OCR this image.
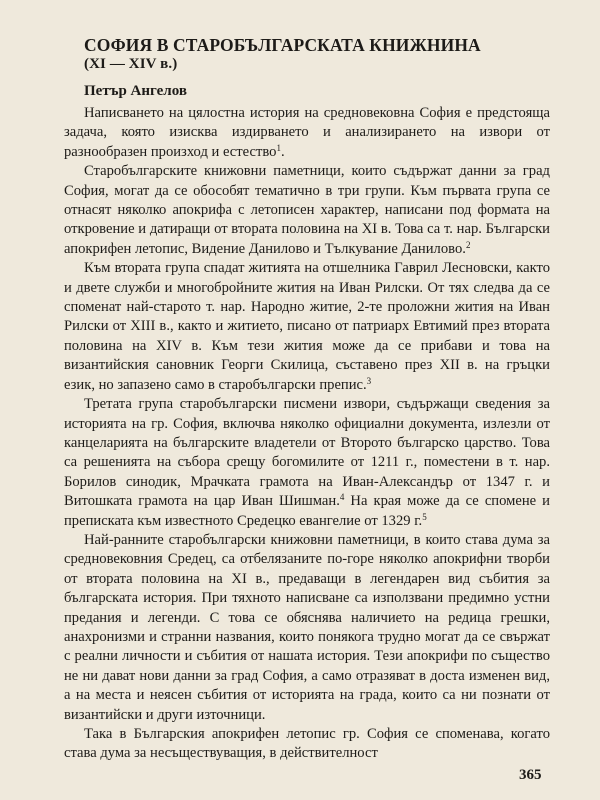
СОФИЯ В СТАРОБЪЛГАРСКАТА КНИЖНИНА
(XI — XIV в.)
Петър Ангелов

Написването на цялостна история на средновековна София е предстояща задача, която изисква издирването и анализирането на извори от разнообразен произход и естество$^1$.

Старобългарските книжовни паметници, които съдържат данни за град София, могат да се обособят тематично в три групи. Към първата група се отнасят няколко апокрифа с летописен характер, написани под формата на откровение и датиращи от втората половина на XI в. Това са т. нар. Български апокрифен летопис, Видение Данилово и Тълкувание Даниловo.$^2$

Към втората група спадат житията на отшелника Гаврил Лесновски, както и двете служби и многобройните жития на Иван Рилски. От тях следва да се споменат най-старото т. нар. Народно житие, 2-те проложни жития на Иван Рилски от XIII в., както и житието, писано от патриарх Евтимий през втората половина на XIV в. Към тези жития може да се прибави и това на византийския сановник Георги Скилица, съставено през XII в. на гръцки език, но запазено само в старобългарски препис.$^3$

Третата група старобългарски писмени извори, съдържащи сведения за историята на гр. София, включва няколко официални документа, излезли от канцеларията на българските владетели от Второто българско царство. Това са решенията на събора срещу богомилите от 1211 г., поместени в т. нар. Борилов синодик, Мрачката грамота на Иван-Александър от 1347 г. и Витошката грамота на цар Иван Шишман.$^4$ На края може да се спомене и преписката към известното Средецко евангелие от 1329 г.$^5$

Най-ранните старобългарски книжовни паметници, в които става дума за средновековния Средец, са отбелязаните по-горе няколко апокрифни творби от втората половина на XI в., предаващи в легендарен вид събития за българската история. При тяхното написване са използвани предимно устни предания и легенди. С това се обяснява наличието на редица грешки, анахронизми и странни названия, които понякога трудно могат да се свържат с реални личности и събития от нашата история. Тези апокрифи по същество не ни дават нови данни за град София, а само отразяват в доста изменен вид, а на места и неясен събития от историята на града, които са ни познати от византийски и други източници.

Така в Българския апокрифен летопис гр. София се споменава, когато става дума за несъществуващия, в действителност

365
